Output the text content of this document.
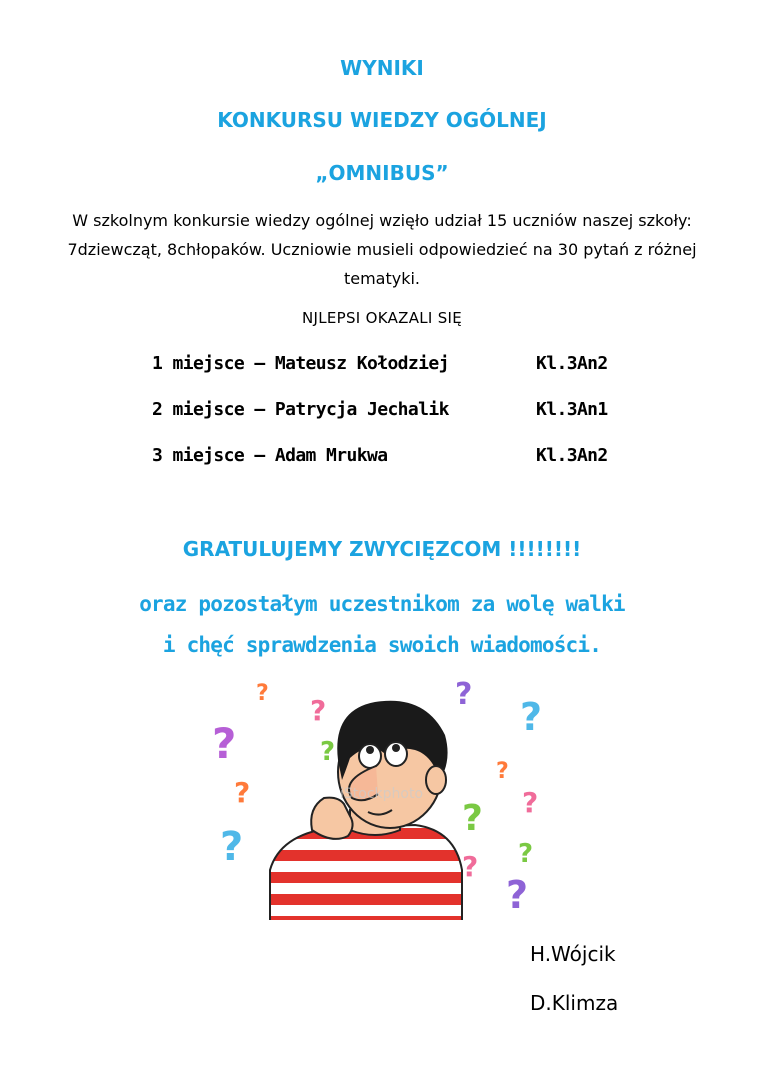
WYNIKI
KONKURSU WIEDZY OGÓLNEJ
„OMNIBUS”
W szkolnym konkursie wiedzy ogólnej wzięło udział 15 uczniów naszej szkoły: 7dziewcząt, 8chłopaków. Uczniowie musieli odpowiedzieć na 30 pytań z różnej tematyki.
NJLEPSI OKAZALI SIĘ
1 miejsce – Mateusz Kołodziej	Kl.3An2
2 miejsce – Patrycja Jechalik	Kl.3An1
3 miejsce – Adam Mrukwa	Kl.3An2
GRATULUJEMY ZWYCIĘZCOM !!!!!!!!
oraz pozostałym uczestnikom za wolę walki
i chęć sprawdzenia swoich wiadomości.
?
?
?	?
?
?
?
?	?
?
?	?
?
?
iStockphoto
H.Wójcik
D.Klimza
